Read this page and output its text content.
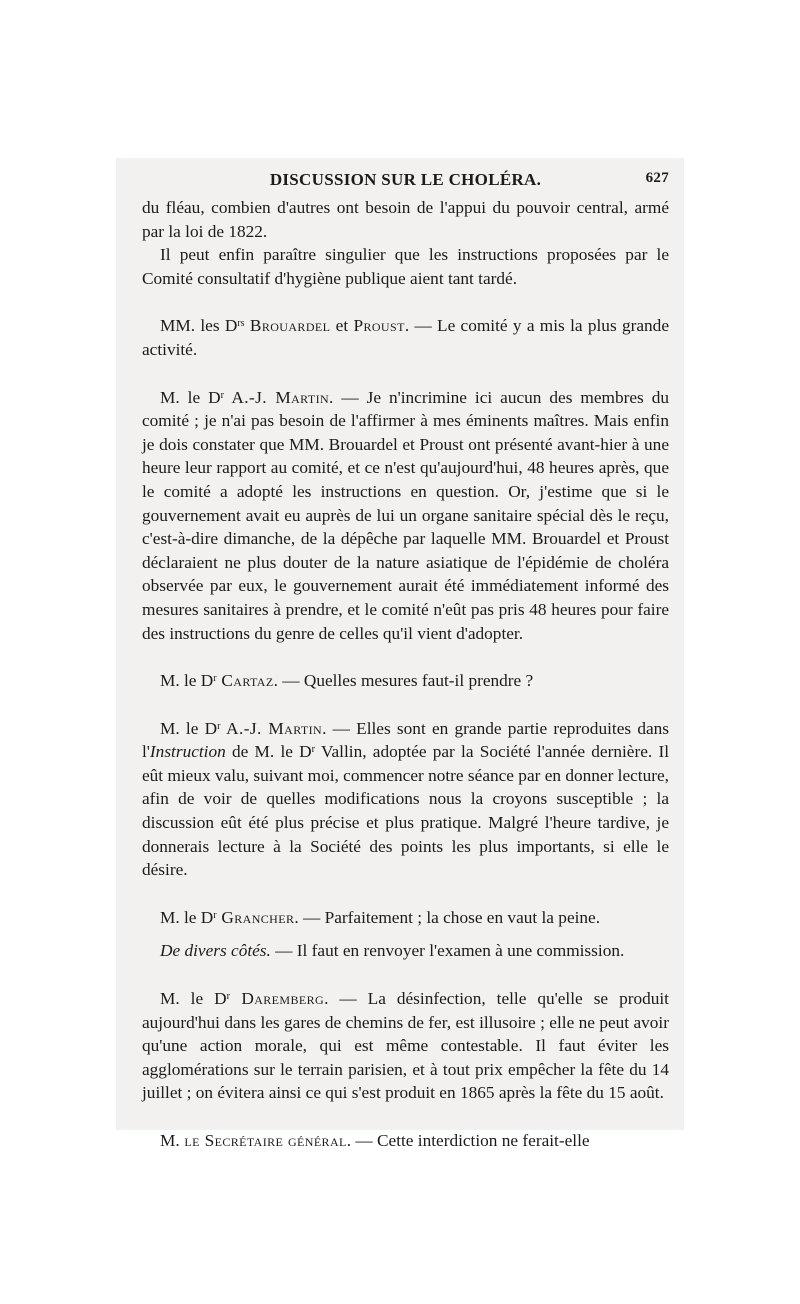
DISCUSSION SUR LE CHOLÉRA.	627

du fléau, combien d'autres ont besoin de l'appui du pouvoir central, armé par la loi de 1822.

Il peut enfin paraître singulier que les instructions proposées par le Comité consultatif d'hygiène publique aient tant tardé.

MM. les $D^{rs}$ Brouardel et Proust. — Le comité y a mis la plus grande activité.

M. le $D^r$ A.-J. Martin. — Je n'incrimine ici aucun des membres du comité ; je n'ai pas besoin de l'affirmer à mes éminents maîtres. Mais enfin je dois constater que MM. Brouardel et Proust ont présenté avant-hier à une heure leur rapport au comité, et ce n'est qu'aujourd'hui, 48 heures après, que le comité a adopté les instructions en question. Or, j'estime que si le gouvernement avait eu auprès de lui un organe sanitaire spécial dès le reçu, c'est-à-dire dimanche, de la dépêche par laquelle MM. Brouardel et Proust déclaraient ne plus douter de la nature asiatique de l'épidémie de choléra observée par eux, le gouvernement aurait été immédiatement informé des mesures sanitaires à prendre, et le comité n'eût pas pris 48 heures pour faire des instructions du genre de celles qu'il vient d'adopter.

M. le $D^r$ Cartaz. — Quelles mesures faut-il prendre ?

M. le $D^r$ A.-J. Martin. — Elles sont en grande partie reproduites dans l'Instruction de M. le $D^r$ Vallin, adoptée par la Société l'année dernière. Il eût mieux valu, suivant moi, commencer notre séance par en donner lecture, afin de voir de quelles modifications nous la croyons susceptible ; la discussion eût été plus précise et plus pratique. Malgré l'heure tardive, je donnerais lecture à la Société des points les plus importants, si elle le désire.

M. le $D^r$ Grancher. — Parfaitement ; la chose en vaut la peine.

De divers côtés. — Il faut en renvoyer l'examen à une commission.

M. le $D^r$ Daremberg. — La désinfection, telle qu'elle se produit aujourd'hui dans les gares de chemins de fer, est illusoire ; elle ne peut avoir qu'une action morale, qui est même contestable. Il faut éviter les agglomérations sur le terrain parisien, et à tout prix empêcher la fête du 14 juillet ; on évitera ainsi ce qui s'est produit en 1865 après la fête du 15 août.

M. le Secrétaire général. — Cette interdiction ne ferait-elle
